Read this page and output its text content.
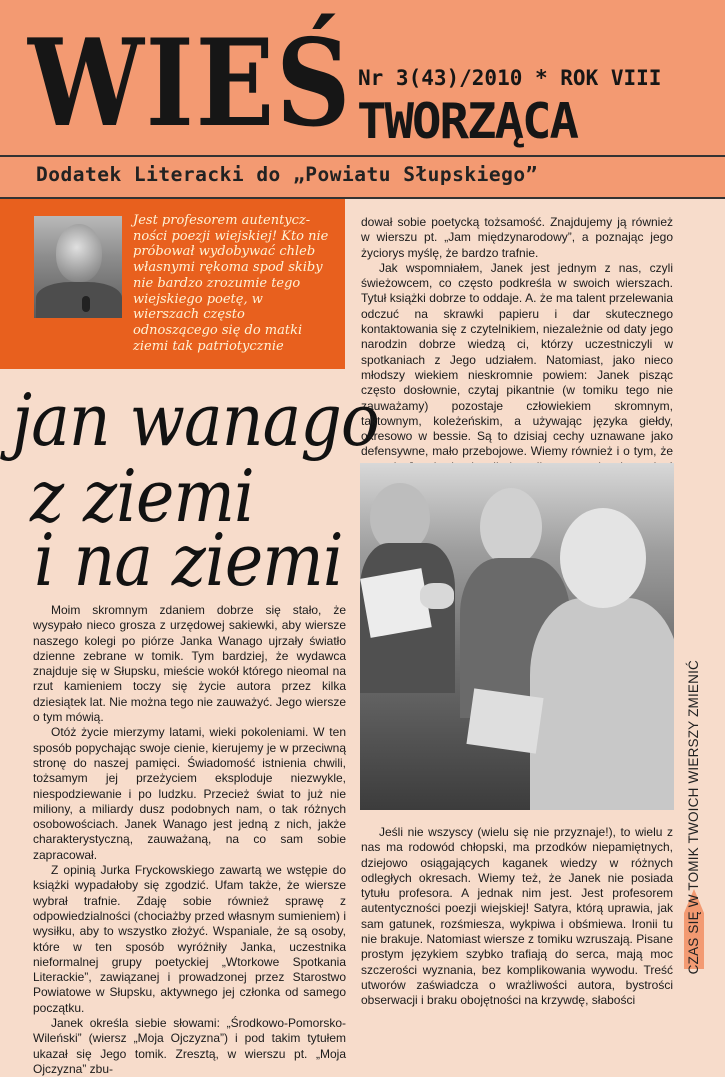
WIEŚ Nr 3(43)/2010 * ROK VIII
TWORZĄCA
Dodatek Literacki do „Powiatu Słupskiego”
Jest profesorem autentycz-ności poezji wiejskiej! Kto nie próbował wydobywać chleb własnymi rękoma spod skiby nie bardzo zrozumie tego wiejskiego poetę, w wierszach często odnoszącego się do matki ziemi tak patriotycznie
jan wanago
z ziemi
i na ziemi

Moim skromnym zdaniem dobrze się stało, że wysypało nieco grosza z urzędowej sakiewki, aby wiersze naszego kolegi po piórze Janka Wanago ujrzały światło dzienne zebrane w tomik. Tym bardziej, że wydawca znajduje się w Słupsku, mieście wokół którego nieomal na rzut kamieniem toczy się życie autora przez kilka dziesiątek lat. Nie można tego nie zauważyć. Jego wiersze o tym mówią.

Otóż życie mierzymy latami, wieki pokoleniami. W ten sposób popychając swoje cienie, kierujemy je w przeciwną stronę do naszej pamięci. Świadomość istnienia chwili, tożsamym jej przeżyciem eksploduje niezwykle, niespodziewanie i po ludzku. Przecież świat to już nie miliony, a miliardy dusz podobnych nam, o tak różnych osobowościach. Janek Wanago jest jedną z nich, jakże charakterystyczną, zauważaną, na co sam sobie zapracował.

Z opinią Jurka Fryckowskiego zawartą we wstępie do książki wypadałoby się zgodzić. Ufam także, że wiersze wybrał trafnie. Zdaję sobie również sprawę z odpowiedzialności (chociażby przed własnym sumieniem) i wysiłku, aby to wszystko złożyć. Wspaniale, że są osoby, które w ten sposób wyróżniły Janka, uczestnika nieformalnej grupy poetyckiej „Wtorkowe Spotkania Literackie”, zawiązanej i prowadzonej przez Starostwo Powiatowe w Słupsku, aktywnego jej członka od samego początku.

Janek określa siebie słowami: „Środkowo-Pomorsko-Wileński” (wiersz „Moja Ojczyzna”) i pod takim tytułem ukazał się Jego tomik. Zresztą, w wierszu pt. „Moja Ojczyzna” zbu-

dował sobie poetycką tożsamość. Znajdujemy ją również w wierszu pt. „Jam międzynarodowy”, a poznając jego życiorys myślę, że bardzo trafnie.

Jak wspomniałem, Janek jest jednym z nas, czyli świeżowcem, co często podkreśla w swoich wierszach. Tytuł książki dobrze to oddaje. A. że ma talent przelewania odczuć na skrawki papieru i dar skutecznego kontaktowania się z czytelnikiem, niezależnie od daty jego narodzin dobrze wiedzą ci, którzy uczestniczyli w spotkaniach z Jego udziałem. Natomiast, jako nieco młodszy wiekiem nieskromnie powiem: Janek pisząc często dosłownie, czytaj pikantnie (w tomiku tego nie zauważamy) pozostaje człowiekiem skromnym, taktownym, koleżeńskim, a używając języka giełdy, okresowo w bessie. Są to dzisiaj cechy uznawane jako defensywne, mało przebojowe. Wiemy również i o tym, że

Jeśli nie wszyscy (wielu się nie przyznaje!), to wielu z nas ma rodowód chłopski, ma przodków niepamiętnych, dziejowo osiągających kaganek wiedzy w różnych odległych okresach. Wiemy też, że Janek nie posiada tytułu profesora. A jednak nim jest. Jest profesorem autentyczności poezji wiejskiej! Satyra, którą uprawia, jak sam gatunek, rozśmiesza, wykpiwa i obśmiewa. Ironii tu nie brakuje. Natomiast wiersze z tomiku wzruszają. Pisane prostym językiem szybko trafiają do serca, mają moc szczerości wyznania, bez komplikowania wywodu. Treść utworów zaświadcza o wrażliwości autora, bystrości obserwacji i braku obojętności na krzywdę, słabości

CZAS SIĘ W TOMIK TWOICH WIERSZY ZMIENIĆ
